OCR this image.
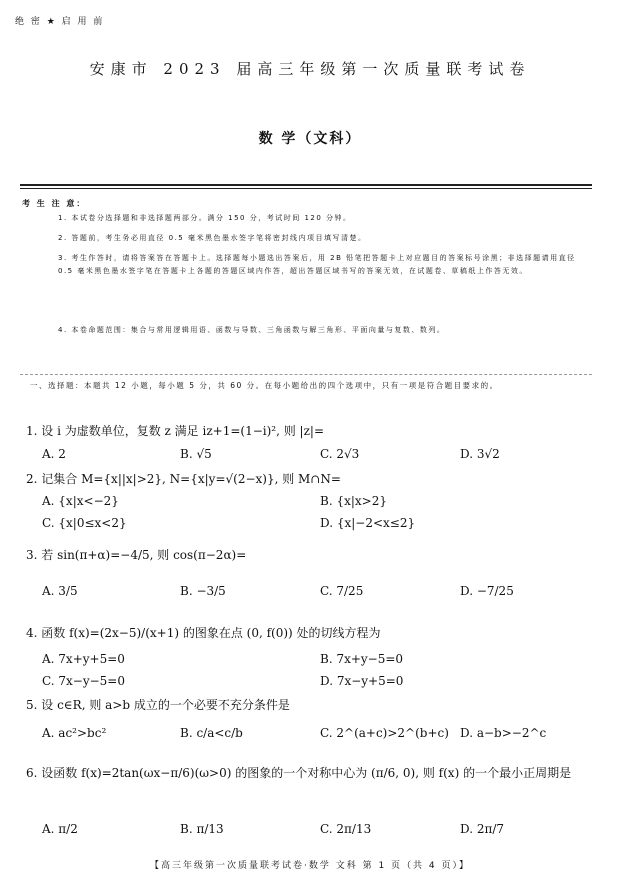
绝 密 ★ 启 用 前
安康市 2023 届高三年级第一次质量联考试卷
数 学（文科）
考 生 注 意：
1. 本试卷分选择题和非选择题两部分。满分 150 分，考试时间 120 分钟。
2. 答题前，考生务必用直径 0.5 毫米黑色墨水签字笔将密封线内项目填写清楚。
3. 考生作答时，请将答案答在答题卡上。选择题每小题选出答案后，用 2B 铅笔把答题卡上对应题目的答案标号涂黑；非选择题请用直径 0.5 毫米黑色墨水签字笔在答题卡上各题的答题区域内作答，超出答题区域书写的答案无效，在试题卷、草稿纸上作答无效。
4. 本卷命题范围：集合与常用逻辑用语、函数与导数、三角函数与解三角形、平面向量与复数、数列。
一、选择题：本题共 12 小题，每小题 5 分，共 60 分。在每小题给出的四个选项中，只有一项是符合题目要求的。
1. 设 i 为虚数单位，复数 z 满足 iz+1=(1−i)², 则 |z|=
A. 2	B. √5	C. 2√3	D. 3√2
2. 记集合 M={x||x|>2}, N={x|y=√(2−x)}, 则 M∩N=
A. {x|x<−2}	B. {x|x>2}
C. {x|0≤x<2}	D. {x|−2<x≤2}
3. 若 sin(π+α)=−4/5, 则 cos(π−2α)=
A. 3/5	B. −3/5	C. 7/25	D. −7/25
4. 函数 f(x)=(2x−5)/(x+1) 的图象在点 (0, f(0)) 处的切线方程为
A. 7x+y+5=0	B. 7x+y−5=0
C. 7x−y−5=0	D. 7x−y+5=0
5. 设 c∈R, 则 a>b 成立的一个必要不充分条件是
A. ac²>bc²	B. c/a<c/b	C. 2^(a+c)>2^(b+c) D. a−b>−2^c
6. 设函数 f(x)=2tan(ωx−π/6)(ω>0) 的图象的一个对称中心为 (π/6, 0), 则 f(x) 的一个最小正周期是
A. π/2	B. π/13	C. 2π/13	D. 2π/7
【高三年级第一次质量联考试卷·数学 文科 第 1 页（共 4 页）】
